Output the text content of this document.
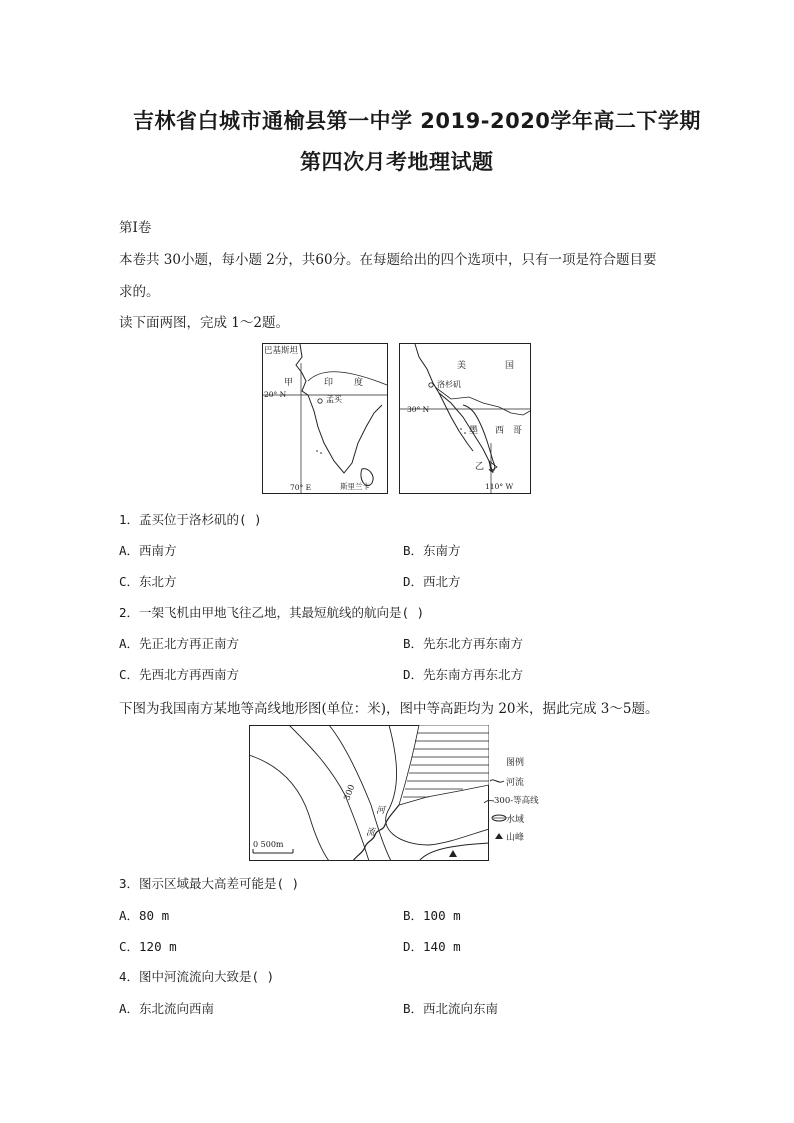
吉林省白城市通榆县第一中学 2019-2020学年高二下学期
第四次月考地理试题
第Ⅰ卷
本卷共 30小题，每小题 2分，共60分。在每题给出的四个选项中，只有一项是符合题目要
求的。
读下面两图，完成 1～2题。
巴基斯坦
甲	印 度
孟买
20° N
70° E	斯里兰卡
美	国
洛杉矶
30° N
墨 西 哥
乙
110° W
1．孟买位于洛杉矶的( )
A．西南方	B．东南方
C．东北方	D．西北方
2．一架飞机由甲地飞往乙地，其最短航线的航向是( )
A．先正北方再正南方	B．先东北方再东南方
C．先西北方再西南方	D．先东南方再东北方
下图为我国南方某地等高线地形图(单位：米)，图中等高距均为 20米，据此完成 3～5题。
300
河
流
0 500m
图例
河流
300-等高线
水域
山峰
3．图示区域最大高差可能是( )
A．80 m	B．100 m
C．120 m	D．140 m
4．图中河流流向大致是( )
A．东北流向西南	B．西北流向东南
